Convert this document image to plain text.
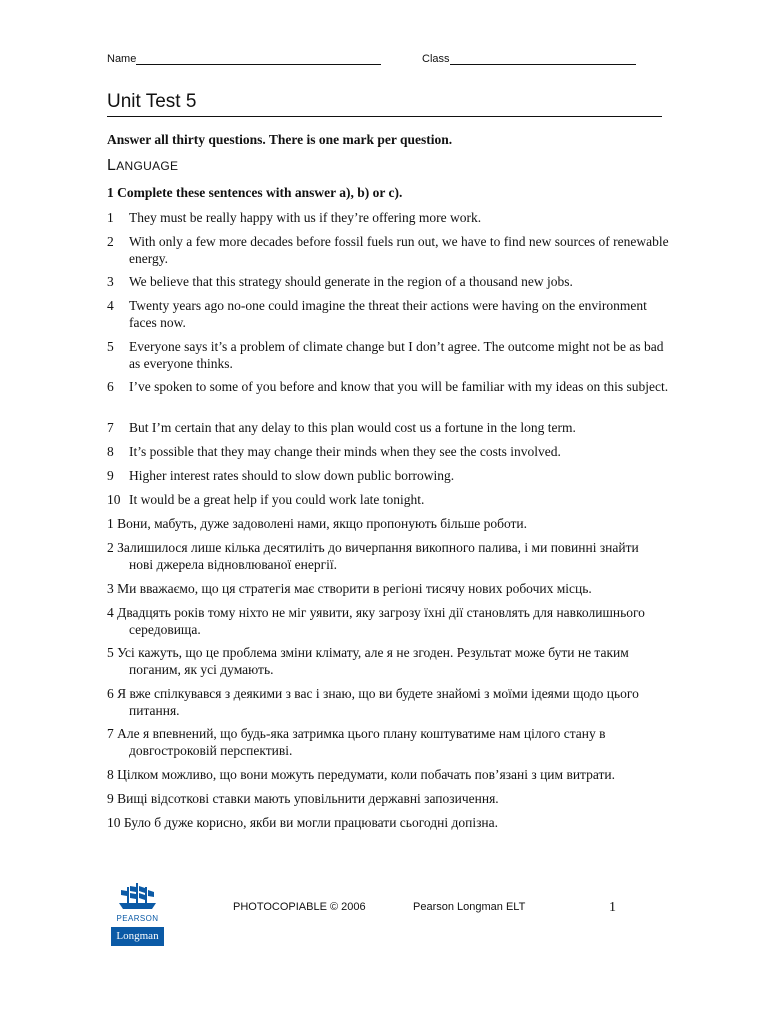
Name	Class
Unit Test 5
Answer all thirty questions. There is one mark per question.
LANGUAGE
1 Complete these sentences with answer a), b) or c).
1 They must be really happy with us if they’re offering more work.
2 With only a few more decades before fossil fuels run out, we have to find new sources of renewable energy.
3 We believe that this strategy should generate in the region of a thousand new jobs.
4 Twenty years ago no-one could imagine the threat their actions were having on the environment faces now.
5 Everyone says it’s a problem of climate change but I don’t agree. The outcome might not be as bad as everyone thinks.
6 I’ve spoken to some of you before and know that you will be familiar with my ideas on this subject.
7 But I’m certain that any delay to this plan would cost us a fortune in the long term.
8 It’s possible that they may change their minds when they see the costs involved.
9 Higher interest rates should to slow down public borrowing.
10 It would be a great help if you could work late tonight.
1 Вони, мабуть, дуже задоволені нами, якщо пропонують більше роботи.
2 Залишилося лише кілька десятиліть до вичерпання викопного палива, і ми повинні знайти
нові джерела відновлюваної енергії.
3 Ми вважаємо, що ця стратегія має створити в регіоні тисячу нових робочих місць.
4 Двадцять років тому ніхто не міг уявити, яку загрозу їхні дії становлять для навколишнього
середовища.
5 Усі кажуть, що це проблема зміни клімату, але я не згоден. Результат може бути не таким
поганим, як усі думають.
6 Я вже спілкувався з деякими з вас і знаю, що ви будете знайомі з моїми ідеями щодо цього
питання.
7 Але я впевнений, що будь-яка затримка цього плану коштуватиме нам цілого стану в
довгостроковій перспективі.
8 Цілком можливо, що вони можуть передумати, коли побачать пов’язані з цим витрати.
9 Вищі відсоткові ставки мають уповільнити державні запозичення.
10 Було б дуже корисно, якби ви могли працювати сьогодні допізна.
PEARSON
Longman
PHOTOCOPIABLE © 2006	Pearson Longman ELT	1
